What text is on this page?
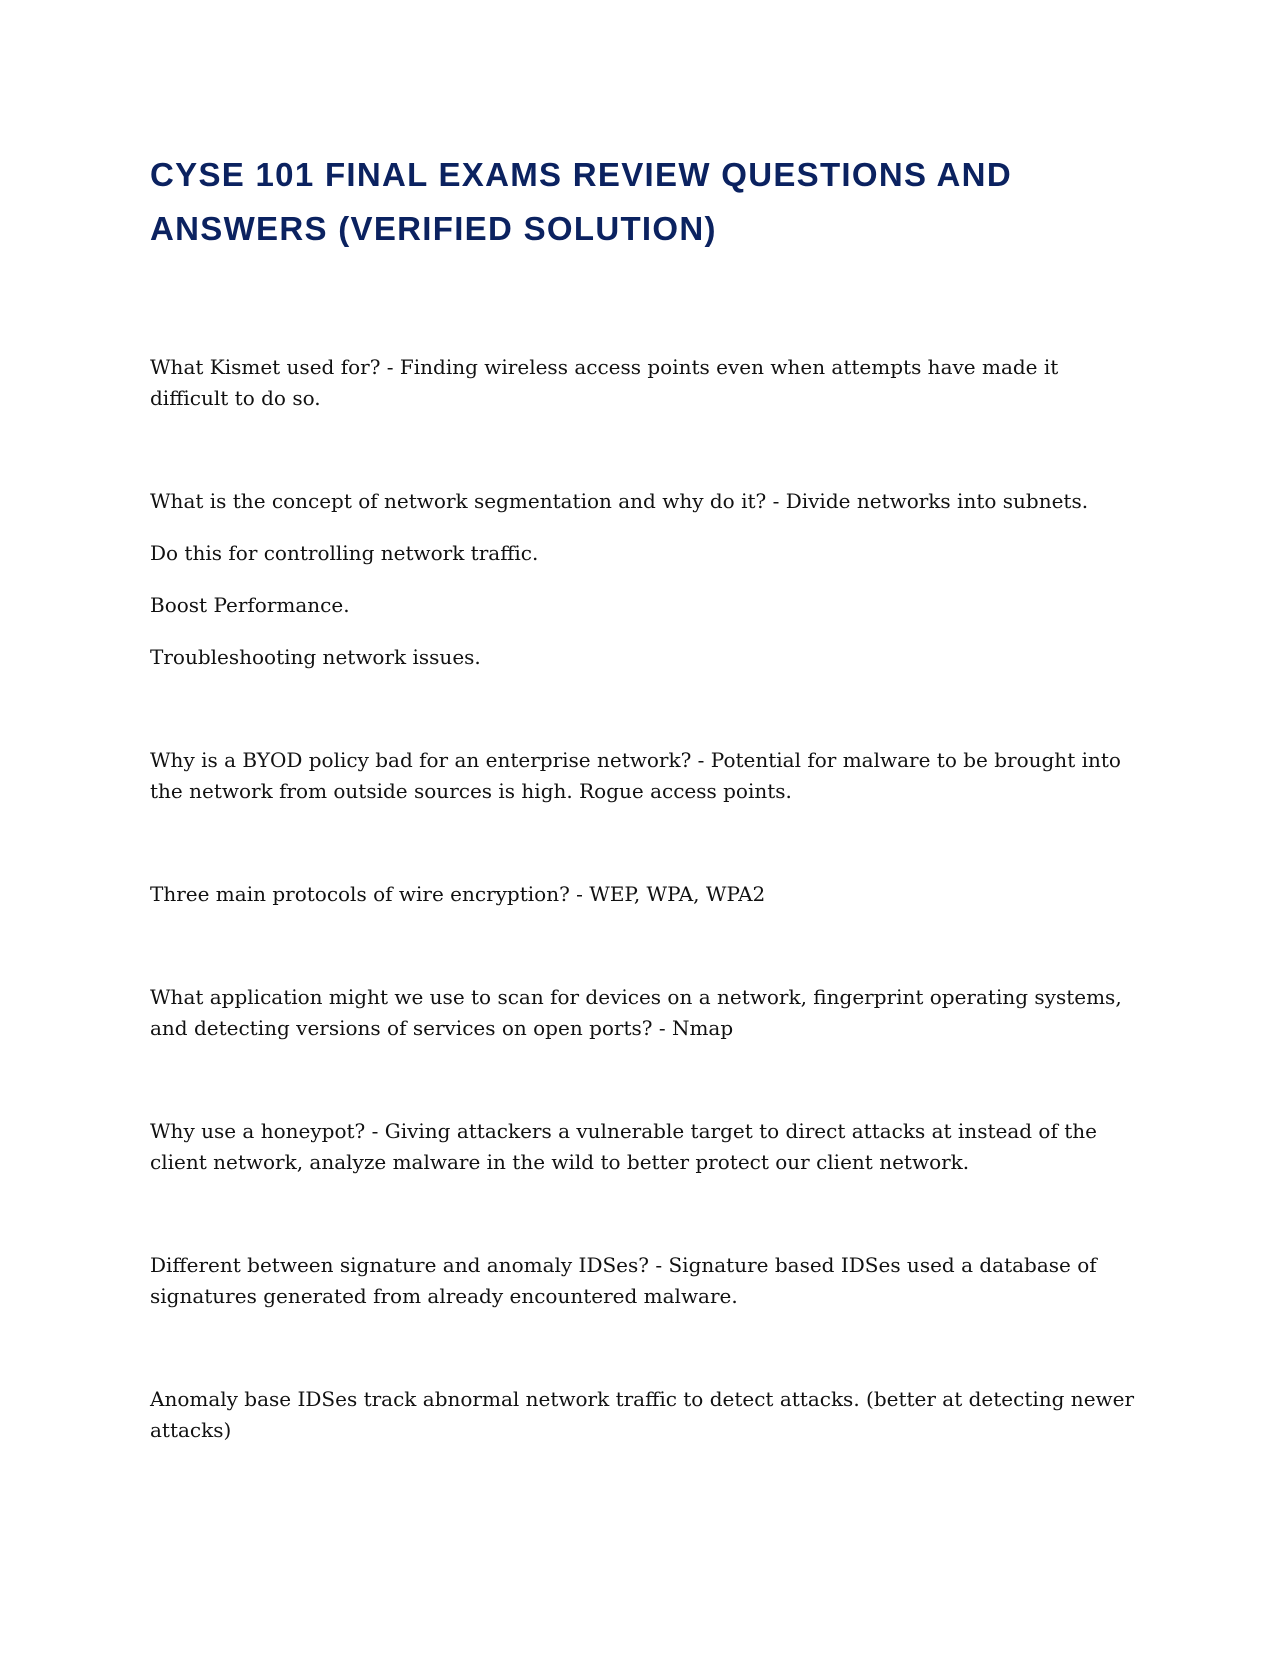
CYSE 101 FINAL EXAMS REVIEW QUESTIONS AND ANSWERS (VERIFIED SOLUTION)

What Kismet used for? - Finding wireless access points even when attempts have made it difficult to do so.

What is the concept of network segmentation and why do it? - Divide networks into subnets.

Do this for controlling network traffic.

Boost Performance.

Troubleshooting network issues.

Why is a BYOD policy bad for an enterprise network? - Potential for malware to be brought into the network from outside sources is high. Rogue access points.

Three main protocols of wire encryption? - WEP, WPA, WPA2

What application might we use to scan for devices on a network, fingerprint operating systems, and detecting versions of services on open ports? - Nmap

Why use a honeypot? - Giving attackers a vulnerable target to direct attacks at instead of the client network, analyze malware in the wild to better protect our client network.

Different between signature and anomaly IDSes? - Signature based IDSes used a database of signatures generated from already encountered malware.

Anomaly base IDSes track abnormal network traffic to detect attacks. (better at detecting newer attacks)
